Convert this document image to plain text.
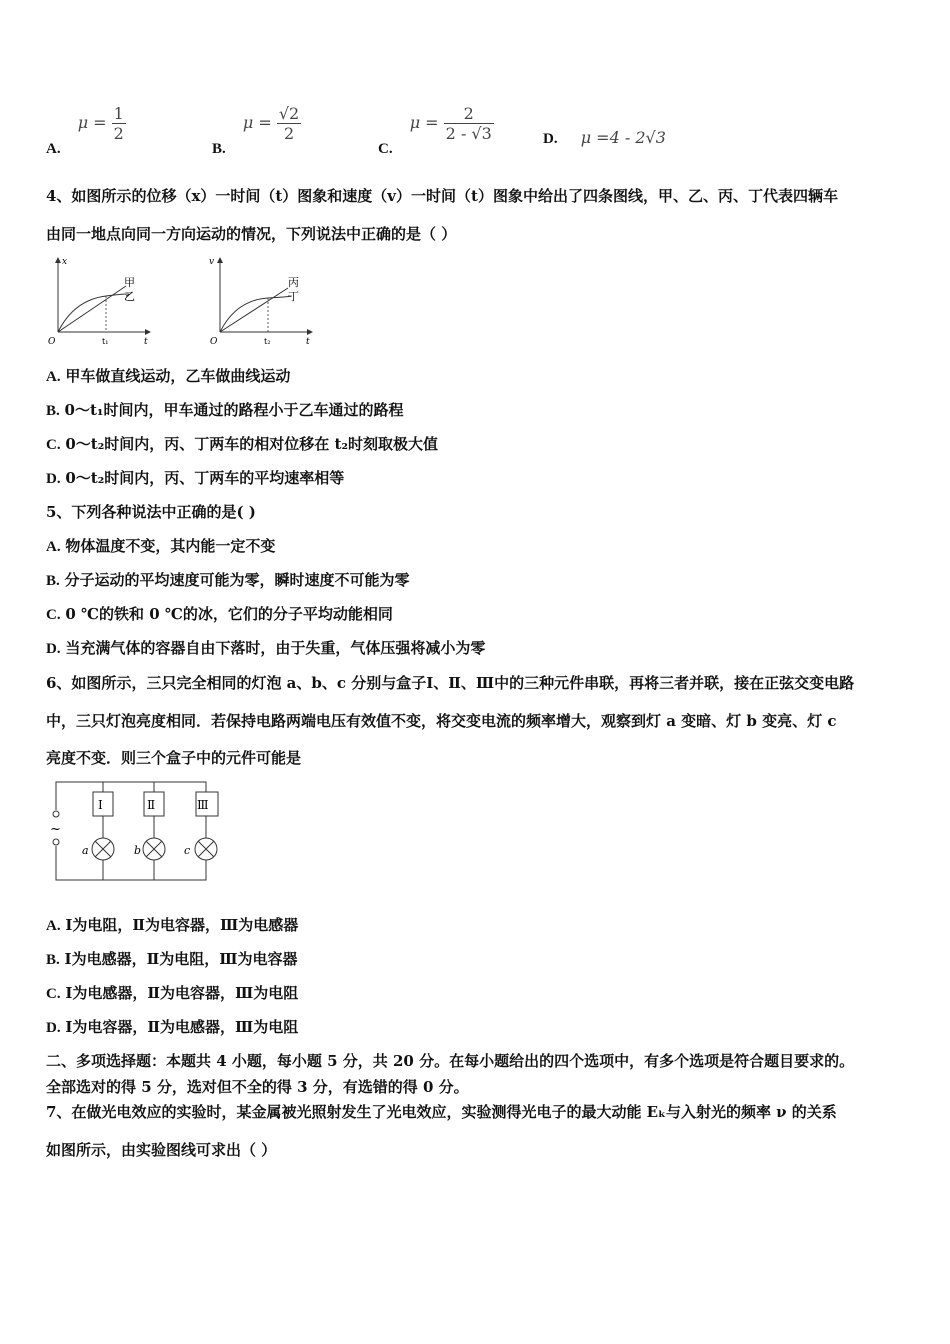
A. $\mu = \frac{1}{2}$
B. $\mu = \frac{√2}{2}$
C. $\mu = \frac{2}{2 - √3}$	D. μ =4 - 2√3
4、如图所示的位移（x）一时间（t）图象和速度（v）一时间（t）图象中给出了四条图线，甲、乙、丙、丁代表四辆车
由同一地点向同一方向运动的情况，下列说法中正确的是（ ）
x
t
O	t₁
甲
乙
v
t
O	t₂
丙
丁
A. 甲车做直线运动，乙车做曲线运动
B. 0～t₁时间内，甲车通过的路程小于乙车通过的路程
C. 0～t₂时间内，丙、丁两车的相对位移在 t₂时刻取极大值
D. 0～t₂时间内，丙、丁两车的平均速率相等
5、下列各种说法中正确的是( )
A. 物体温度不变，其内能一定不变
B. 分子运动的平均速度可能为零，瞬时速度不可能为零
C. 0 ℃的铁和 0 ℃的冰，它们的分子平均动能相同
D. 当充满气体的容器自由下落时，由于失重，气体压强将减小为零
6、如图所示，三只完全相同的灯泡 a、b、c 分别与盒子Ⅰ、Ⅱ、Ⅲ中的三种元件串联，再将三者并联，接在正弦交变电路
中，三只灯泡亮度相同．若保持电路两端电压有效值不变，将交变电流的频率增大，观察到灯 a 变暗、灯 b 变亮、灯 c
亮度不变．则三个盒子中的元件可能是
~
Ⅰ	Ⅱ	Ⅲ
a	b	c
A. Ⅰ为电阻，Ⅱ为电容器，Ⅲ为电感器
B. Ⅰ为电感器，Ⅱ为电阻，Ⅲ为电容器
C. Ⅰ为电感器，Ⅱ为电容器，Ⅲ为电阻
D. Ⅰ为电容器，Ⅱ为电感器，Ⅲ为电阻
二、多项选择题：本题共 4 小题，每小题 5 分，共 20 分。在每小题给出的四个选项中，有多个选项是符合题目要求的。
全部选对的得 5 分，选对但不全的得 3 分，有选错的得 0 分。
7、在做光电效应的实验时，某金属被光照射发生了光电效应，实验测得光电子的最大动能 Eₖ与入射光的频率 ν 的关系
如图所示，由实验图线可求出（ ）
